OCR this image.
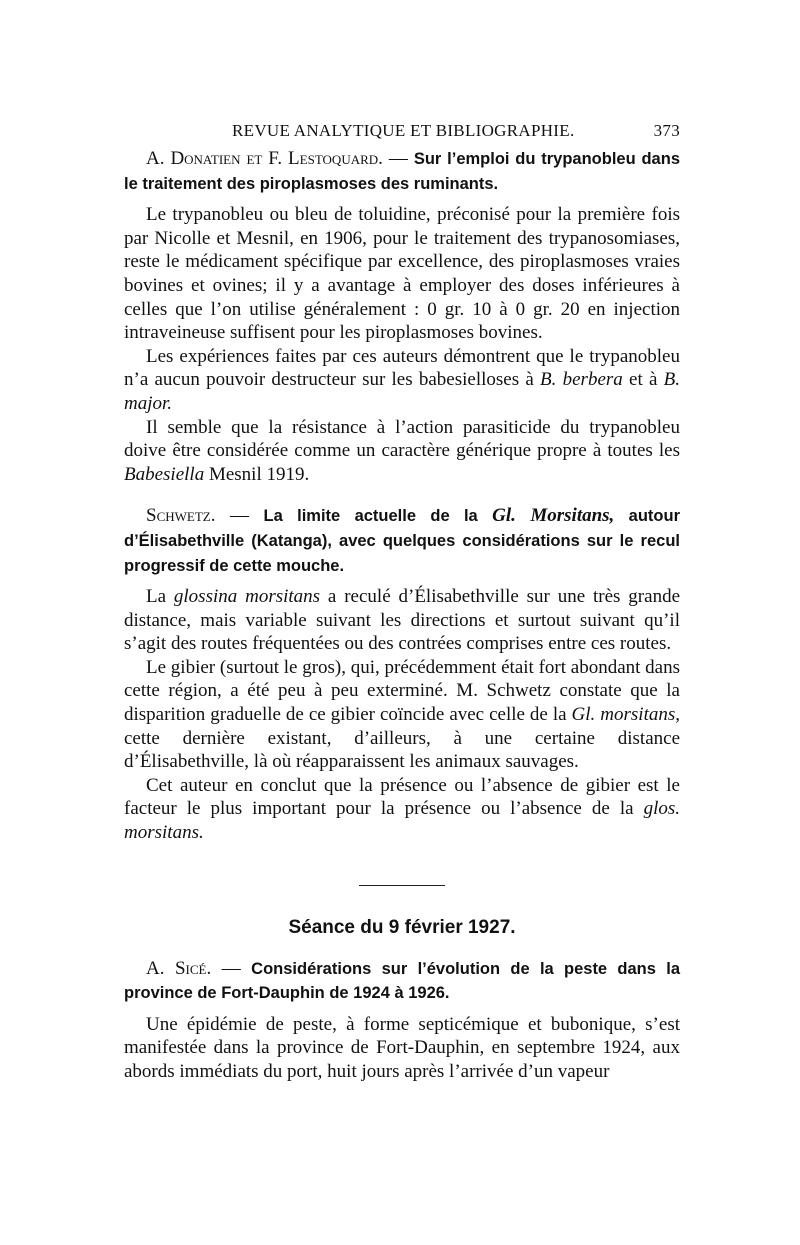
REVUE ANALYTIQUE ET BIBLIOGRAPHIE.	373

A. Donatien et F. Lestoquard. — Sur l’emploi du trypanobleu dans le traitement des piroplasmoses des ruminants.

Le trypanobleu ou bleu de toluidine, préconisé pour la première fois par Nicolle et Mesnil, en 1906, pour le traitement des trypanosomiases, reste le médicament spécifique par excellence, des piroplasmoses vraies bovines et ovines; il y a avantage à employer des doses inférieures à celles que l’on utilise généralement : 0 gr. 10 à 0 gr. 20 en injection intraveineuse suffisent pour les piroplasmoses bovines.

Les expériences faites par ces auteurs démontrent que le trypanobleu n’a aucun pouvoir destructeur sur les babesielloses à B. berbera et à B. major.

Il semble que la résistance à l’action parasiticide du trypanobleu doive être considérée comme un caractère générique propre à toutes les Babesiella Mesnil 1919.

Schwetz. — La limite actuelle de la Gl. Morsitans, autour d’Élisabethville (Katanga), avec quelques considérations sur le recul progressif de cette mouche.

La glossina morsitans a reculé d’Élisabethville sur une très grande distance, mais variable suivant les directions et surtout suivant qu’il s’agit des routes fréquentées ou des contrées comprises entre ces routes.

Le gibier (surtout le gros), qui, précédemment était fort abondant dans cette région, a été peu à peu exterminé. M. Schwetz constate que la disparition graduelle de ce gibier coïncide avec celle de la Gl. morsitans, cette dernière existant, d’ailleurs, à une certaine distance d’Élisabethville, là où réapparaissent les animaux sauvages.

Cet auteur en conclut que la présence ou l’absence de gibier est le facteur le plus important pour la présence ou l’absence de la glos. morsitans.

Séance du 9 février 1927.

A. Sicé. — Considérations sur l’évolution de la peste dans la province de Fort-Dauphin de 1924 à 1926.

Une épidémie de peste, à forme septicémique et bubonique, s’est manifestée dans la province de Fort-Dauphin, en septembre 1924, aux abords immédiats du port, huit jours après l’arrivée d’un vapeur
